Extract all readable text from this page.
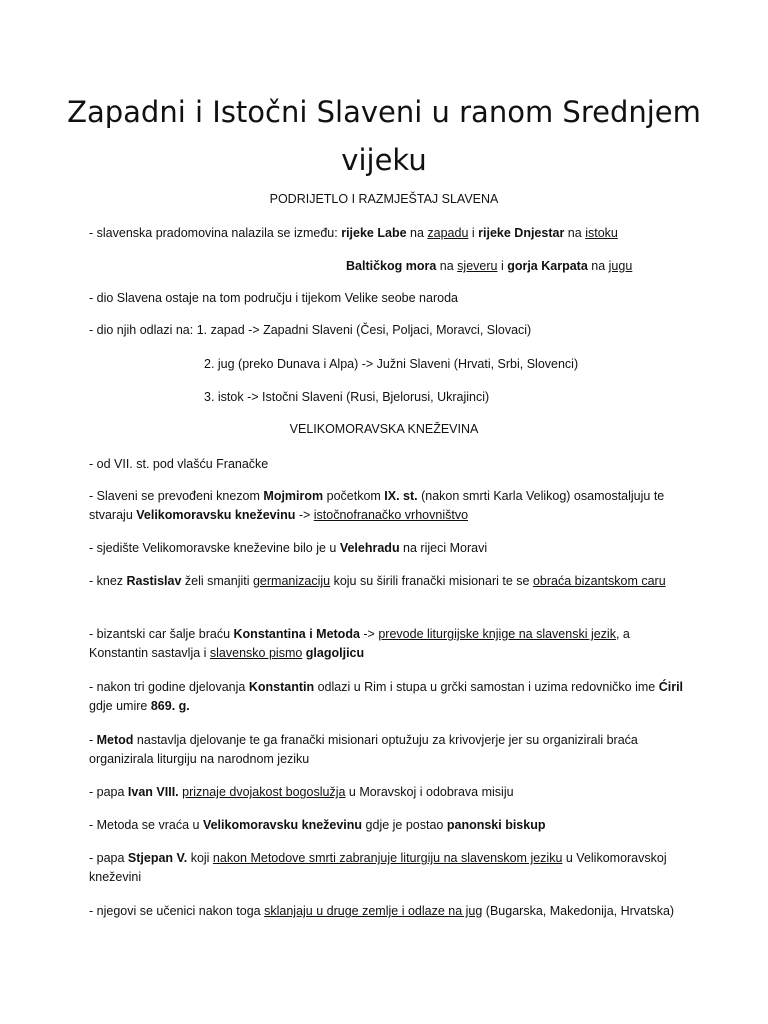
Zapadni i Istočni Slaveni u ranom Srednjem vijeku
PODRIJETLO I RAZMJEŠTAJ SLAVENA
- slavenska pradomovina nalazila se između: rijeke Labe na zapadu i rijeke Dnjestar na istoku
Baltičkog mora na sjeveru i gorja Karpata na jugu
- dio Slavena ostaje na tom području i tijekom Velike seobe naroda
- dio njih odlazi na: 1. zapad -> Zapadni Slaveni (Česi, Poljaci, Moravci, Slovaci)
2. jug (preko Dunava i Alpa) -> Južni Slaveni (Hrvati, Srbi, Slovenci)
3. istok -> Istočni Slaveni (Rusi, Bjelorusi, Ukrajinci)
VELIKOMORAVSKA KNEŽEVINA
- od VII. st. pod vlašću Franačke
- Slaveni se prevođeni knezom Mojmirom početkom IX. st. (nakon smrti Karla Velikog) osamostaljuju te stvaraju Velikomoravsku kneževinu -> istočnofranačko vrhovništvo
- sjedište Velikomoravske kneževine bilo je u Velehradu na rijeci Moravi
- knez Rastislav želi smanjiti germanizaciju koju su širili franački misionari te se obraća bizantskom caru
- bizantski car šalje braću Konstantina i Metoda -> prevode liturgijske knjige na slavenski jezik, a Konstantin sastavlja i slavensko pismo glagoljicu
- nakon tri godine djelovanja Konstantin odlazi u Rim i stupa u grčki samostan i uzima redovničko ime Ćiril gdje umire 869. g.
- Metod nastavlja djelovanje te ga franački misionari optužuju za krivovjerje jer su organizirali braća organizirala liturgiju na narodnom jeziku
- papa Ivan VIII. priznaje dvojakost bogoslužja u Moravskoj i odobrava misiju
- Metoda se vraća u Velikomoravsku kneževinu gdje je postao panonski biskup
- papa Stjepan V. koji nakon Metodove smrti zabranjuje liturgiju na slavenskom jeziku u Velikomoravskoj kneževini
- njegovi se učenici nakon toga sklanjaju u druge zemlje i odlaze na jug (Bugarska, Makedonija, Hrvatska)
